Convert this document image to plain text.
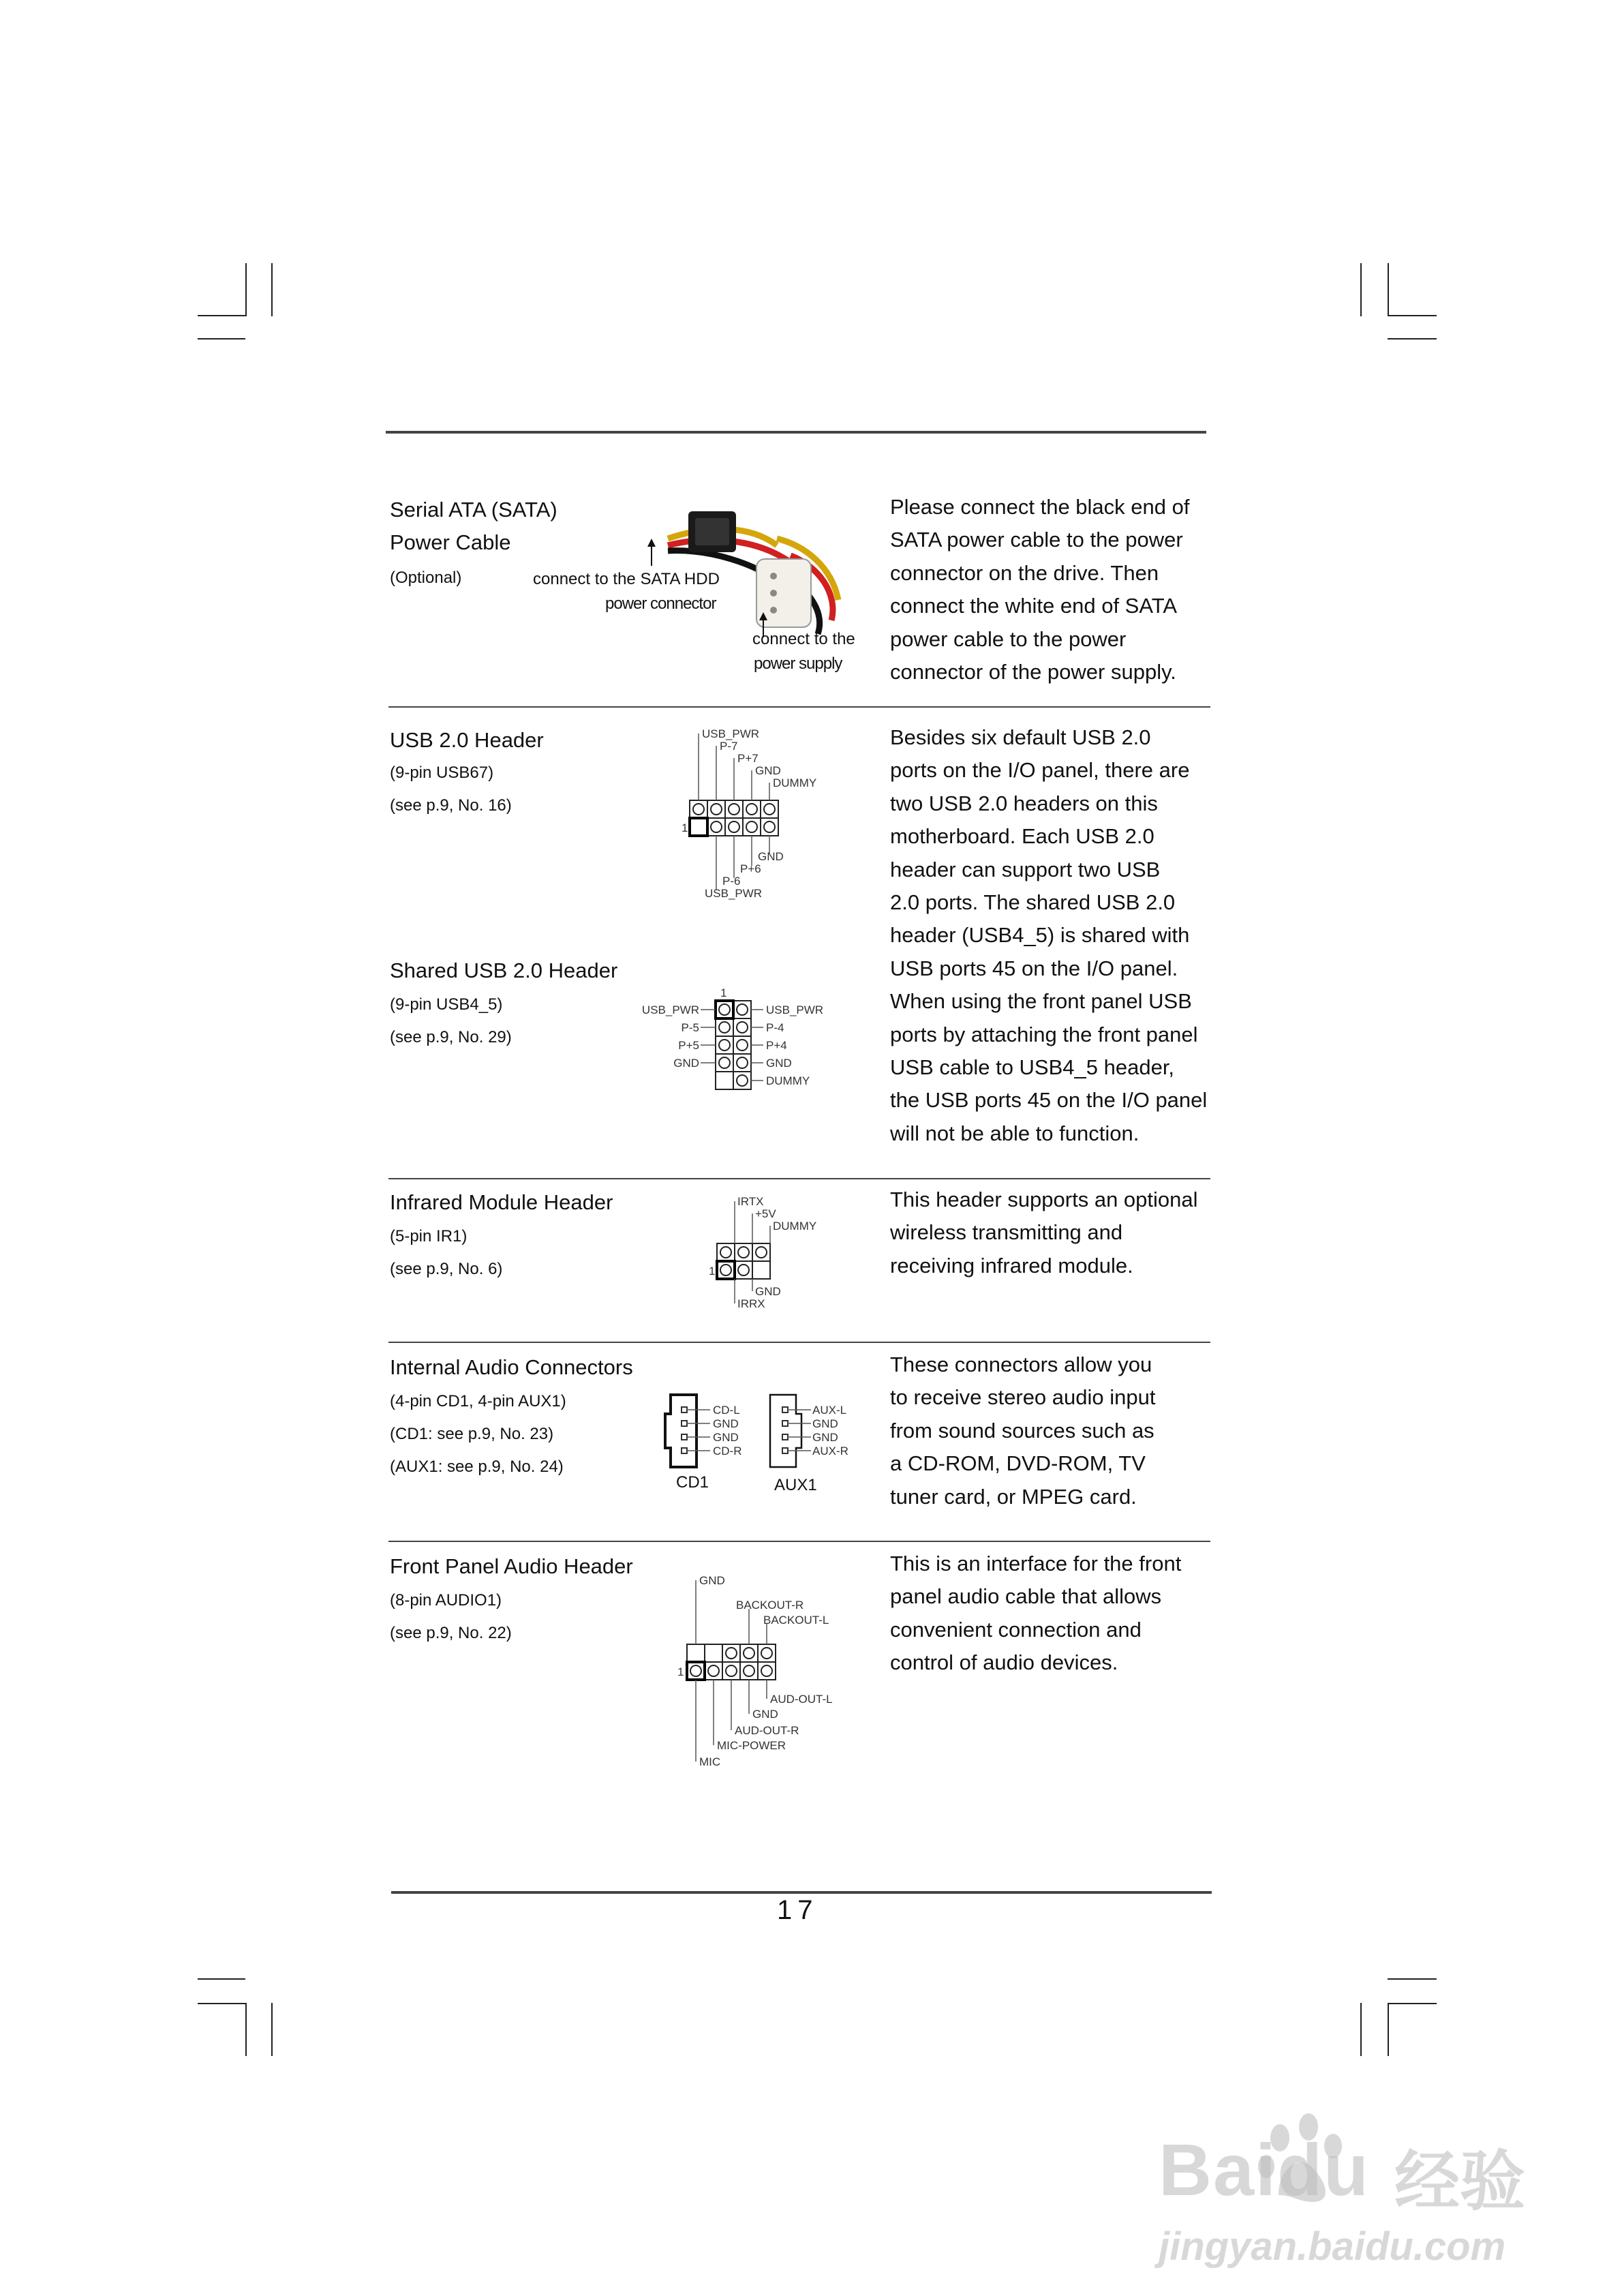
Serial ATA (SATA)
Power Cable
(Optional)	connect to the SATA HDD
power connector
connect to the
power supply
Please connect the black end of
SATA power cable to the power
connector on the drive. Then
connect the white end of SATA
power cable to the power
connector of the power supply.
USB 2.0 Header
(9-pin USB67)
(see p.9, No. 16)
USB_PWR
P-7
P+7
GND
DUMMY
GND
P+6
P-6
USB_PWR
1
Besides six default USB 2.0
ports on the I/O panel, there are
two USB 2.0 headers on this
motherboard. Each USB 2.0
header can support two USB
2.0 ports. The shared USB 2.0
header (USB4_5) is shared with
USB ports 45 on the I/O panel.
When using the front panel USB
ports by attaching the front panel
USB cable to USB4_5 header,
the USB ports 45 on the I/O panel
will not be able to function.
Shared USB 2.0 Header
(9-pin USB4_5)
(see p.9, No. 29)
1
USB_PWR
P-5
P+5
GND
USB_PWR
P-4
P+4
GND
DUMMY
Infrared Module Header
(5-pin IR1)
(see p.9, No. 6)
IRTX
+5V
DUMMY
GND
IRRX
1
This header supports an optional
wireless transmitting and
receiving infrared module.
Internal Audio Connectors
(4-pin CD1, 4-pin AUX1)
(CD1: see p.9, No. 23)
(AUX1: see p.9, No. 24)
CD-L
GND
GND
CD-R
CD1
AUX-L
GND
GND
AUX-R
AUX1
These connectors allow you
to receive stereo audio input
from sound sources such as
a CD-ROM, DVD-ROM, TV
tuner card, or MPEG card.
Front Panel Audio Header
(8-pin AUDIO1)
(see p.9, No. 22)
GND
BACKOUT-R
BACKOUT-L
AUD-OUT-L
GND
AUD-OUT-R
MIC-POWER
MIC
1
This is an interface for the front
panel audio cable that allows
convenient connection and
control of audio devices.
17
Baidu 经验
jingyan.baidu.com
